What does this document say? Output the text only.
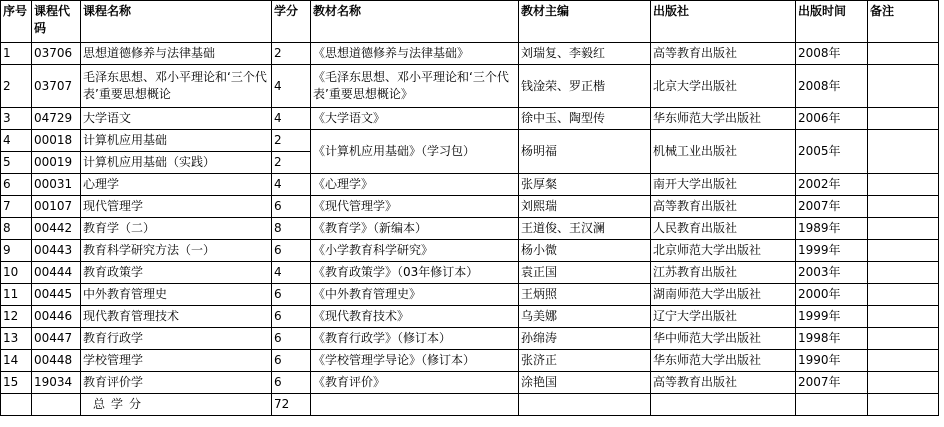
序号	课程代码	课程名称	学分	教材名称	教材主编	出版社	出版时间	备注
1	03706	思想道德修养与法律基础	2	《思想道德修养与法律基础》	刘瑞复、李毅红	高等教育出版社	2008年	
2	03707	毛泽东思想、邓小平理论和‘三个代表’重要思想概论	4	《毛泽东思想、邓小平理论和‘三个代表’重要思想概论》	钱淦荣、罗正楷	北京大学出版社	2008年	
3	04729	大学语文	4	《大学语文》	徐中玉、陶型传	华东师范大学出版社	2006年	
4	00018	计算机应用基础	2	《计算机应用基础》（学习包）	杨明福	机械工业出版社	2005年	
5	00019	计算机应用基础（实践）	2					
6	00031	心理学	4	《心理学》	张厚粲	南开大学出版社	2002年	
7	00107	现代管理学	6	《现代管理学》	刘熙瑞	高等教育出版社	2007年	
8	00442	教育学（二）	8	《教育学》（新编本）	王道俊、王汉澜	人民教育出版社	1989年	
9	00443	教育科学研究方法（一）	6	《小学教育科学研究》	杨小微	北京师范大学出版社	1999年	
10	00444	教育政策学	4	《教育政策学》（03年修订本）	袁正国	江苏教育出版社	2003年	
11	00445	中外教育管理史	6	《中外教育管理史》	王炳照	湖南师范大学出版社	2000年	
12	00446	现代教育管理技术	6	《现代教育技术》	乌美娜	辽宁大学出版社	1999年	
13	00447	教育行政学	6	《教育行政学》（修订本）	孙绵涛	华中师范大学出版社	1998年	
14	00448	学校管理学	6	《学校管理学导论》（修订本）	张济正	华东师范大学出版社	1990年	
15	19034	教育评价学	6	《教育评价》	涂艳国	高等教育出版社	2007年	
		总学分	72					
